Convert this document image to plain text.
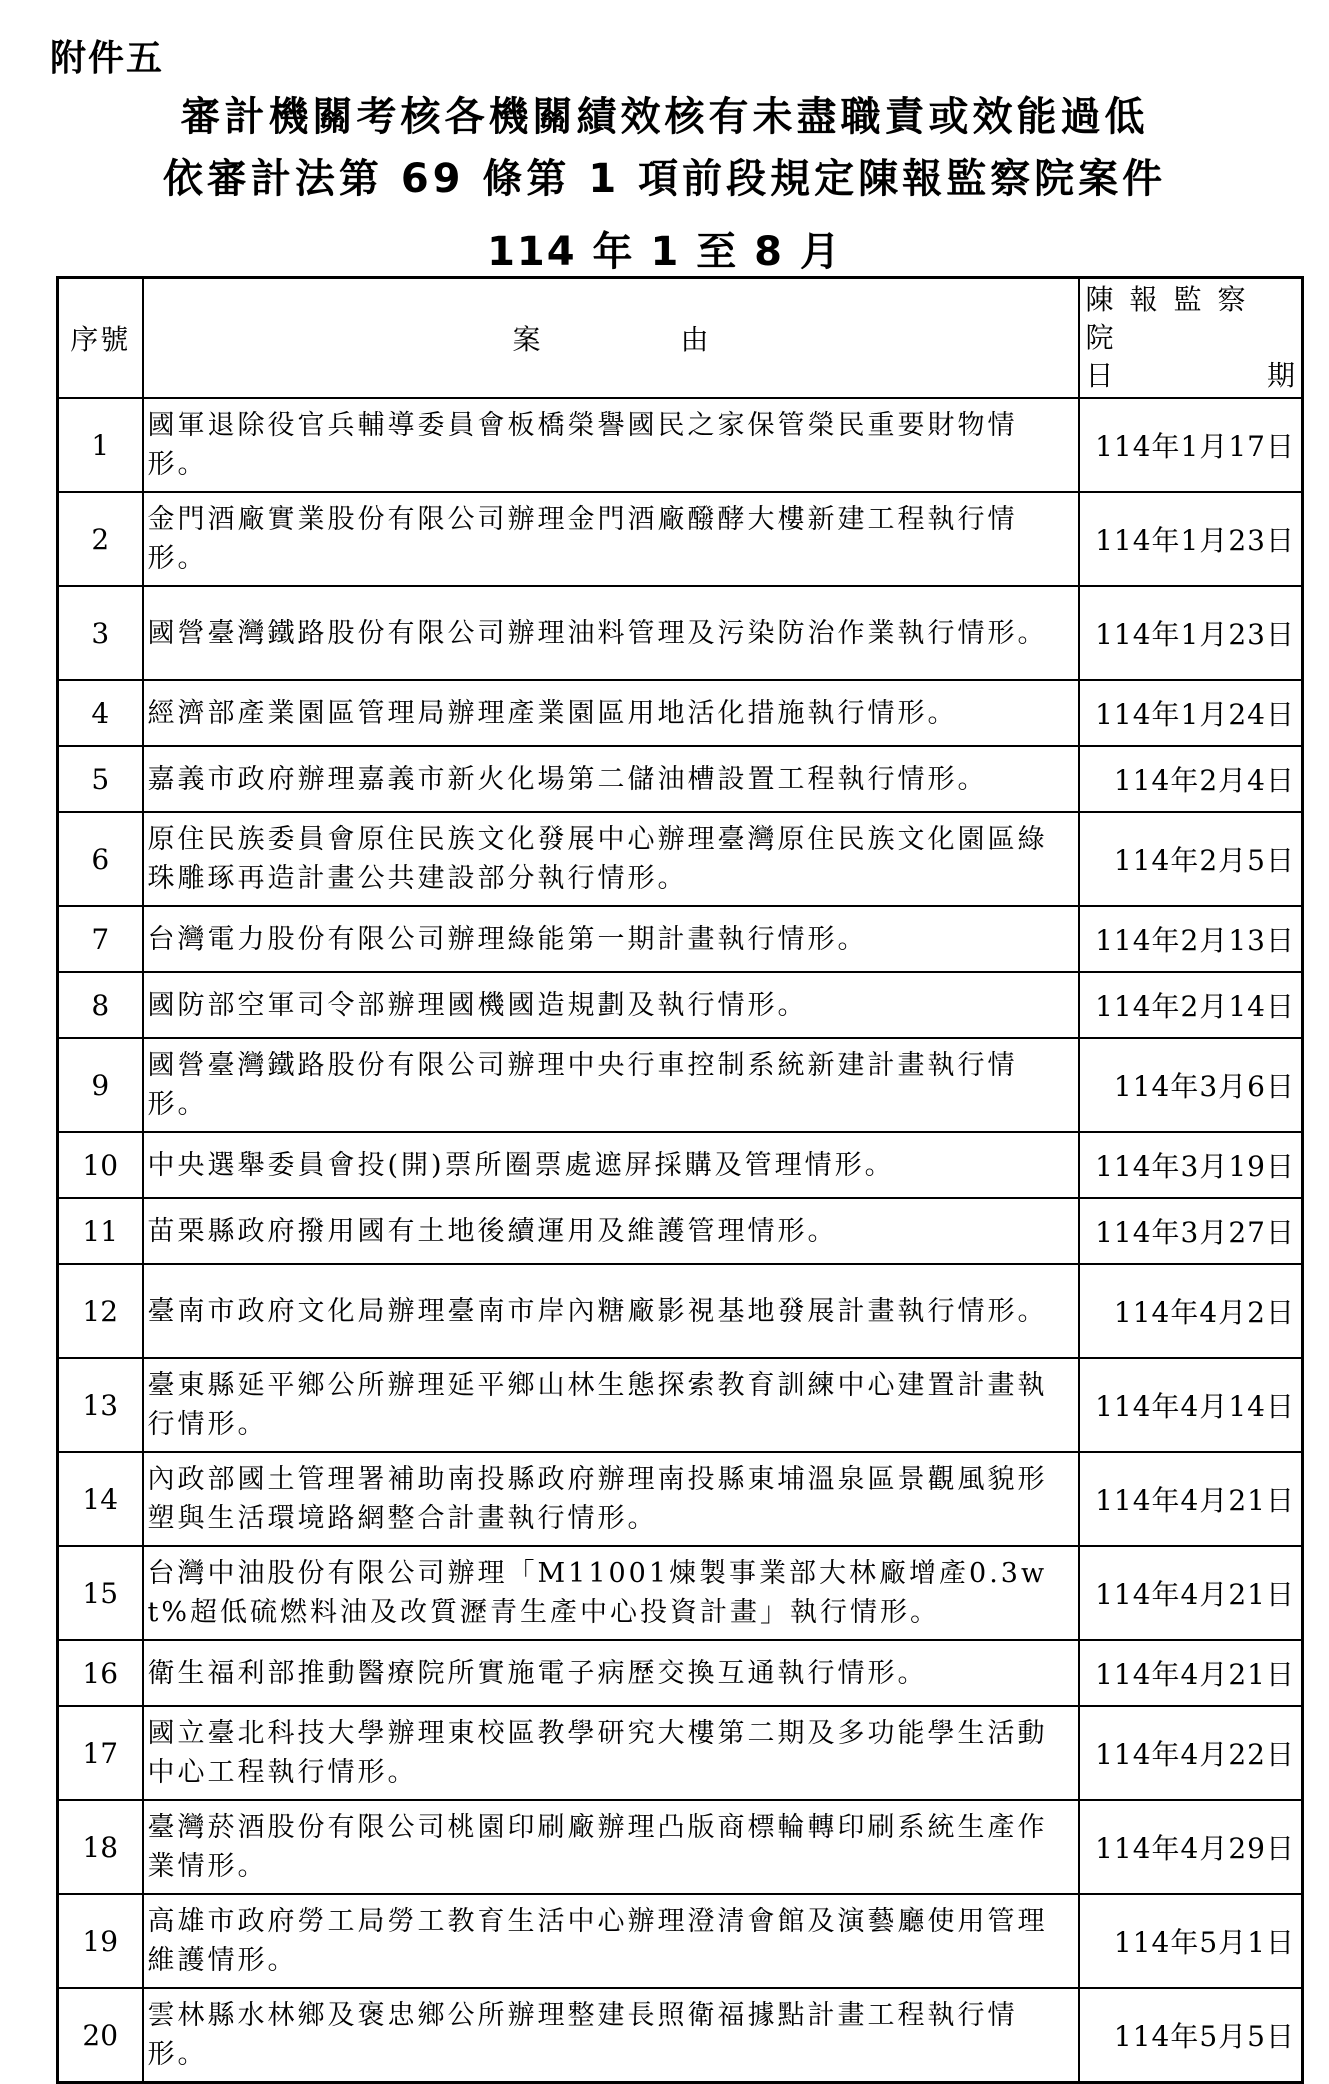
附件五
審計機關考核各機關績效核有未盡職責或效能過低
依審計法第 69 條第 1 項前段規定陳報監察院案件
114 年 1 至 8 月
序號	案由	陳報監察院
日 期

1	國軍退除役官兵輔導委員會板橋榮譽國民之家保管榮民重要財物情形。	114年1月17日
2	金門酒廠實業股份有限公司辦理金門酒廠醱酵大樓新建工程執行情形。	114年1月23日
3	國營臺灣鐵路股份有限公司辦理油料管理及污染防治作業執行情形。	114年1月23日
4	經濟部產業園區管理局辦理產業園區用地活化措施執行情形。	114年1月24日
5	嘉義市政府辦理嘉義市新火化場第二儲油槽設置工程執行情形。	114年2月4日
6	原住民族委員會原住民族文化發展中心辦理臺灣原住民族文化園區綠珠雕琢再造計畫公共建設部分執行情形。	114年2月5日
7	台灣電力股份有限公司辦理綠能第一期計畫執行情形。	114年2月13日
8	國防部空軍司令部辦理國機國造規劃及執行情形。	114年2月14日
9	國營臺灣鐵路股份有限公司辦理中央行車控制系統新建計畫執行情形。	114年3月6日
10	中央選舉委員會投(開)票所圈票處遮屏採購及管理情形。	114年3月19日
11	苗栗縣政府撥用國有土地後續運用及維護管理情形。	114年3月27日
12	臺南市政府文化局辦理臺南市岸內糖廠影視基地發展計畫執行情形。	114年4月2日
13	臺東縣延平鄉公所辦理延平鄉山林生態探索教育訓練中心建置計畫執行情形。	114年4月14日
14	內政部國土管理署補助南投縣政府辦理南投縣東埔溫泉區景觀風貌形塑與生活環境路網整合計畫執行情形。	114年4月21日
15	台灣中油股份有限公司辦理「M11001煉製事業部大林廠增產0.3wt%超低硫燃料油及改質瀝青生產中心投資計畫」執行情形。	114年4月21日
16	衛生福利部推動醫療院所實施電子病歷交換互通執行情形。	114年4月21日
17	國立臺北科技大學辦理東校區教學研究大樓第二期及多功能學生活動中心工程執行情形。	114年4月22日
18	臺灣菸酒股份有限公司桃園印刷廠辦理凸版商標輪轉印刷系統生產作業情形。	114年4月29日
19	高雄市政府勞工局勞工教育生活中心辦理澄清會館及演藝廳使用管理維護情形。	114年5月1日
20	雲林縣水林鄉及褒忠鄉公所辦理整建長照衛福據點計畫工程執行情形。	114年5月5日
